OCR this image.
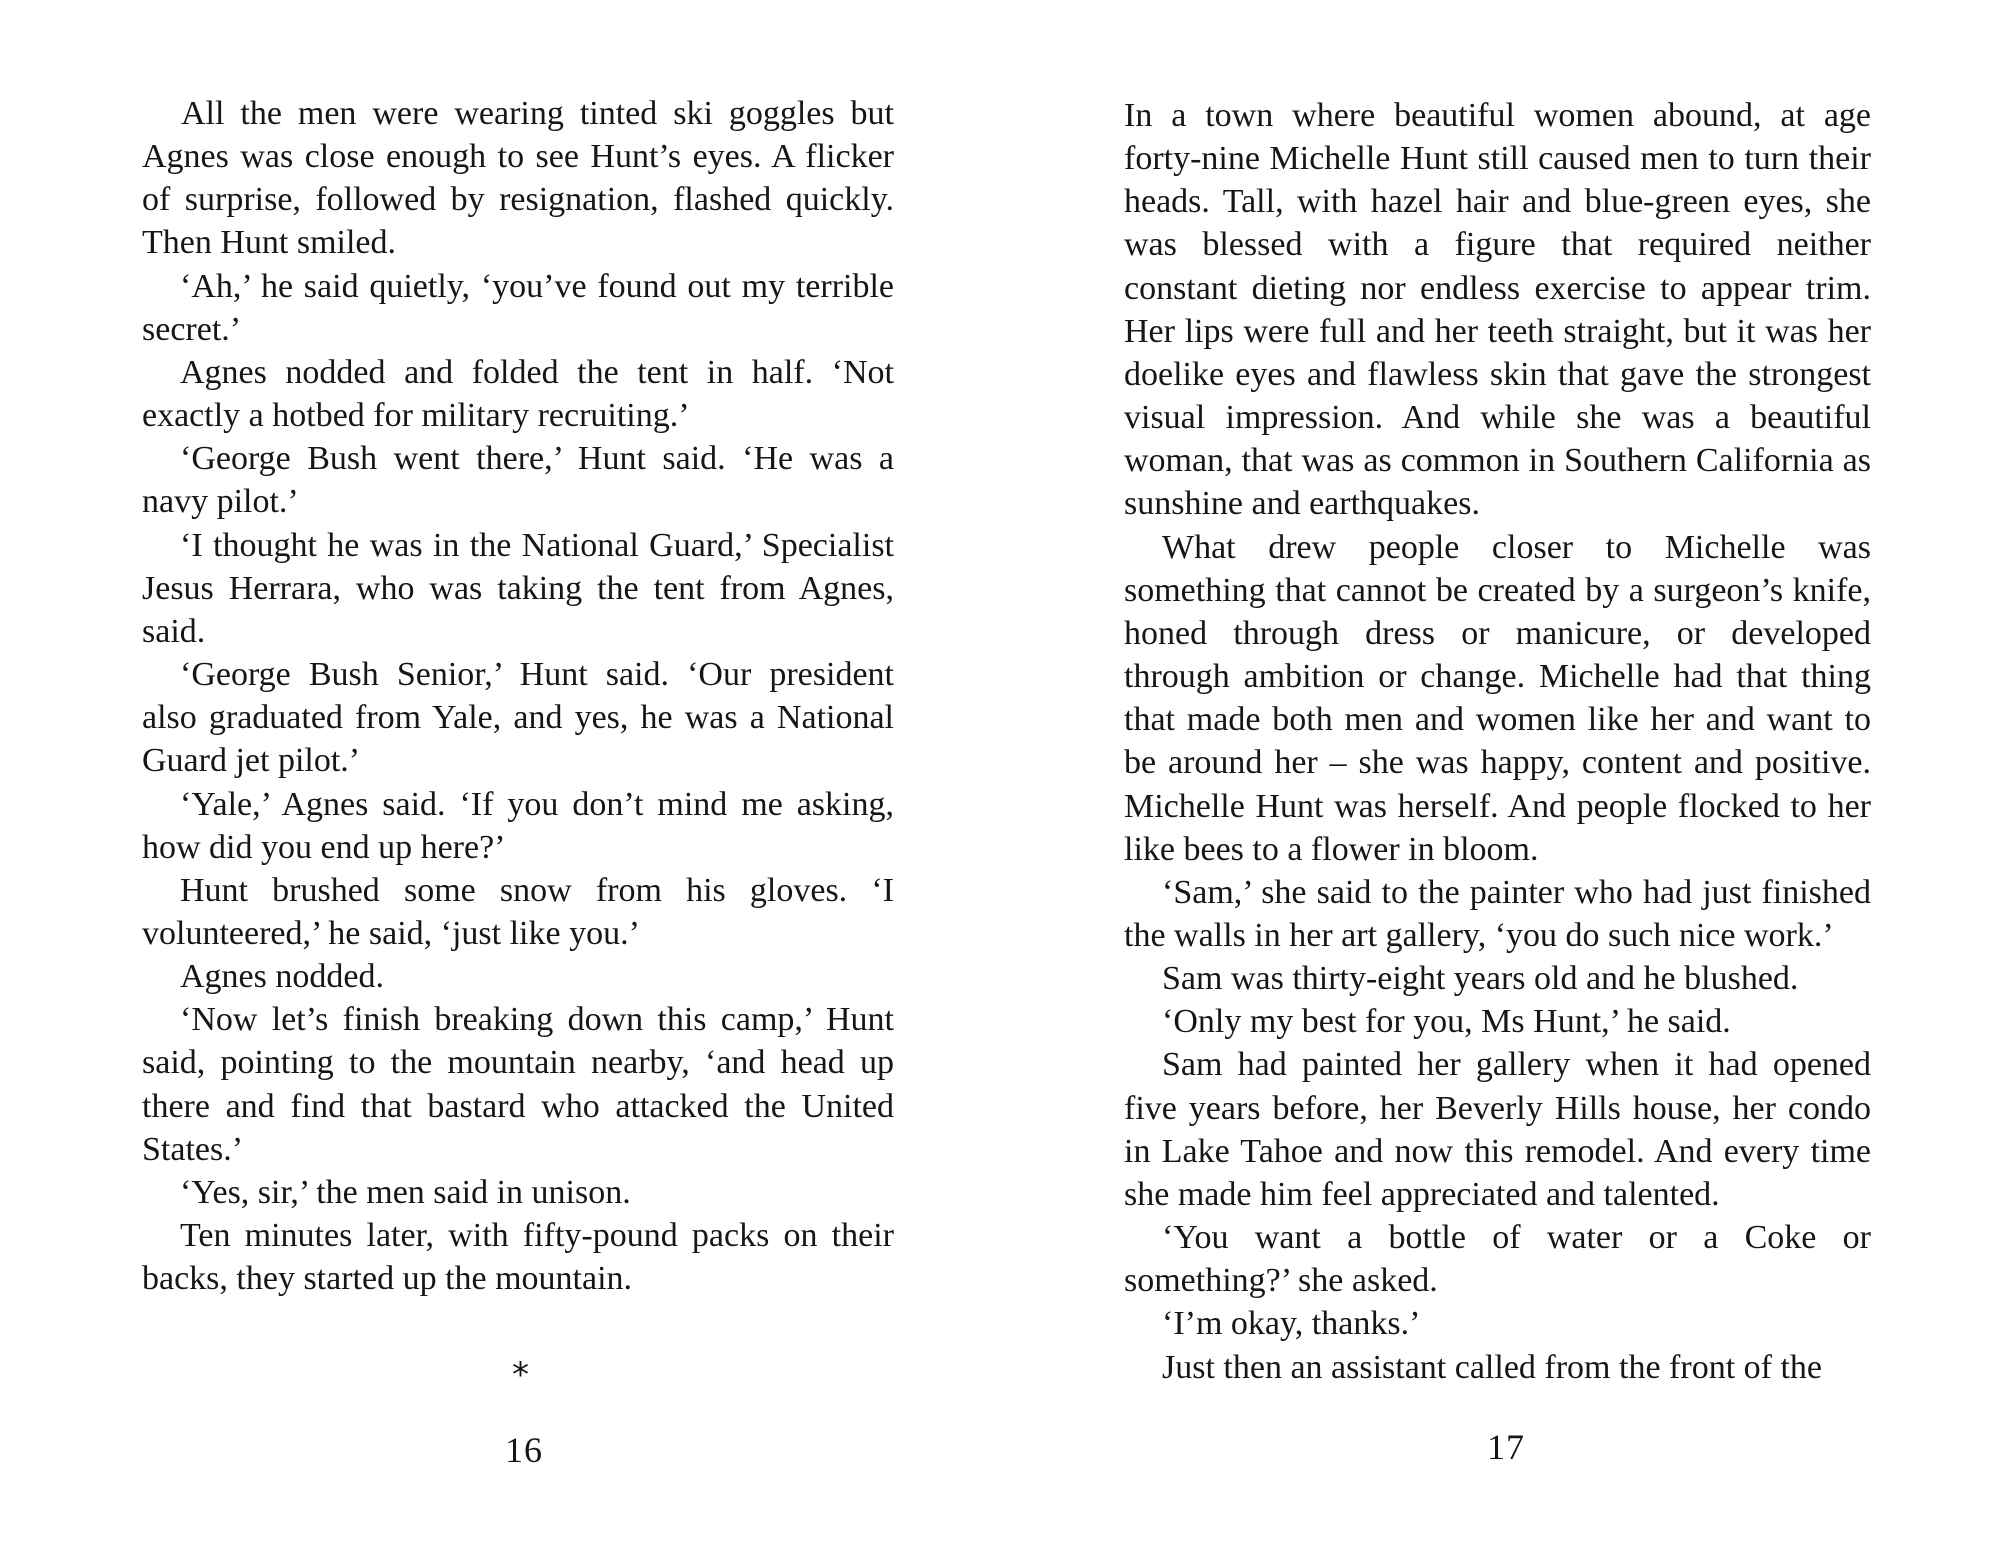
All the men were wearing tinted ski goggles but Agnes was close enough to see Hunt’s eyes. A flicker of surprise, followed by resignation, flashed quickly. Then Hunt smiled.

‘Ah,’ he said quietly, ‘you’ve found out my terrible secret.’

Agnes nodded and folded the tent in half. ‘Not exactly a hotbed for military recruiting.’

‘George Bush went there,’ Hunt said. ‘He was a navy pilot.’

‘I thought he was in the National Guard,’ Specialist Jesus Herrara, who was taking the tent from Agnes, said.

‘George Bush Senior,’ Hunt said. ‘Our president also graduated from Yale, and yes, he was a National Guard jet pilot.’

‘Yale,’ Agnes said. ‘If you don’t mind me asking, how did you end up here?’

Hunt brushed some snow from his gloves. ‘I volunteered,’ he said, ‘just like you.’

Agnes nodded.

‘Now let’s finish breaking down this camp,’ Hunt said, pointing to the mountain nearby, ‘and head up there and find that bastard who attacked the United States.’

‘Yes, sir,’ the men said in unison.

Ten minutes later, with fifty-pound packs on their backs, they started up the mountain.

*
16

In a town where beautiful women abound, at age forty-nine Michelle Hunt still caused men to turn their heads. Tall, with hazel hair and blue-green eyes, she was blessed with a figure that required neither constant dieting nor endless exercise to appear trim. Her lips were full and her teeth straight, but it was her doelike eyes and flawless skin that gave the strongest visual impression. And while she was a beautiful woman, that was as common in Southern California as sunshine and earthquakes.

What drew people closer to Michelle was something that cannot be created by a surgeon’s knife, honed through dress or manicure, or developed through ambition or change. Michelle had that thing that made both men and women like her and want to be around her – she was happy, content and positive. Michelle Hunt was herself. And people flocked to her like bees to a flower in bloom.

‘Sam,’ she said to the painter who had just finished the walls in her art gallery, ‘you do such nice work.’

Sam was thirty-eight years old and he blushed.

‘Only my best for you, Ms Hunt,’ he said.

Sam had painted her gallery when it had opened five years before, her Beverly Hills house, her condo in Lake Tahoe and now this remodel. And every time she made him feel appreciated and talented.

‘You want a bottle of water or a Coke or something?’ she asked.

‘I’m okay, thanks.’

Just then an assistant called from the front of the

17
